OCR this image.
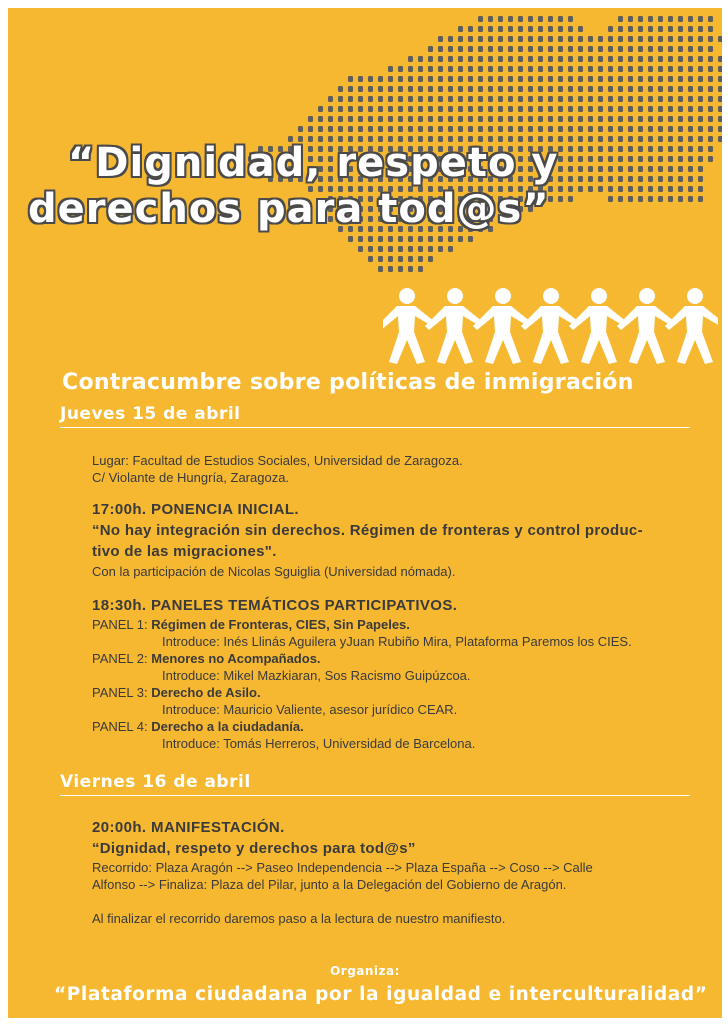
“Dignidad, respeto y
derechos para tod@s”
Contracumbre sobre políticas de inmigración
Jueves 15 de abril

Lugar: Facultad de Estudios Sociales, Universidad de Zaragoza.

C/ Violante de Hungría, Zaragoza.

17:00h. PONENCIA INICIAL.

“No hay integración sin derechos. Régimen de fronteras y control produc-

tivo de las migraciones".

Con la participación de Nicolas Sguiglia (Universidad nómada).

18:30h. PANELES TEMÁTICOS PARTICIPATIVOS.

PANEL 1: Régimen de Fronteras, CIES, Sin Papeles.

Introduce: Inés Llinás Aguilera yJuan Rubiño Mira, Plataforma Paremos los CIES.

PANEL 2: Menores no Acompañados.

Introduce: Mikel Mazkiaran, Sos Racismo Guipúzcoa.

PANEL 3: Derecho de Asilo.

Introduce: Mauricio Valiente, asesor jurídico CEAR.

PANEL 4: Derecho a la ciudadanía.

Introduce: Tomás Herreros, Universidad de Barcelona.

Viernes 16 de abril

20:00h. MANIFESTACIÓN.

“Dignidad, respeto y derechos para tod@s”

Recorrido: Plaza Aragón --> Paseo Independencia --> Plaza España --> Coso --> Calle

Alfonso --> Finaliza: Plaza del Pilar, junto a la Delegación del Gobierno de Aragón.

Al finalizar el recorrido daremos paso a la lectura de nuestro manifiesto.

Organiza:
“Plataforma ciudadana por la igualdad e interculturalidad”
